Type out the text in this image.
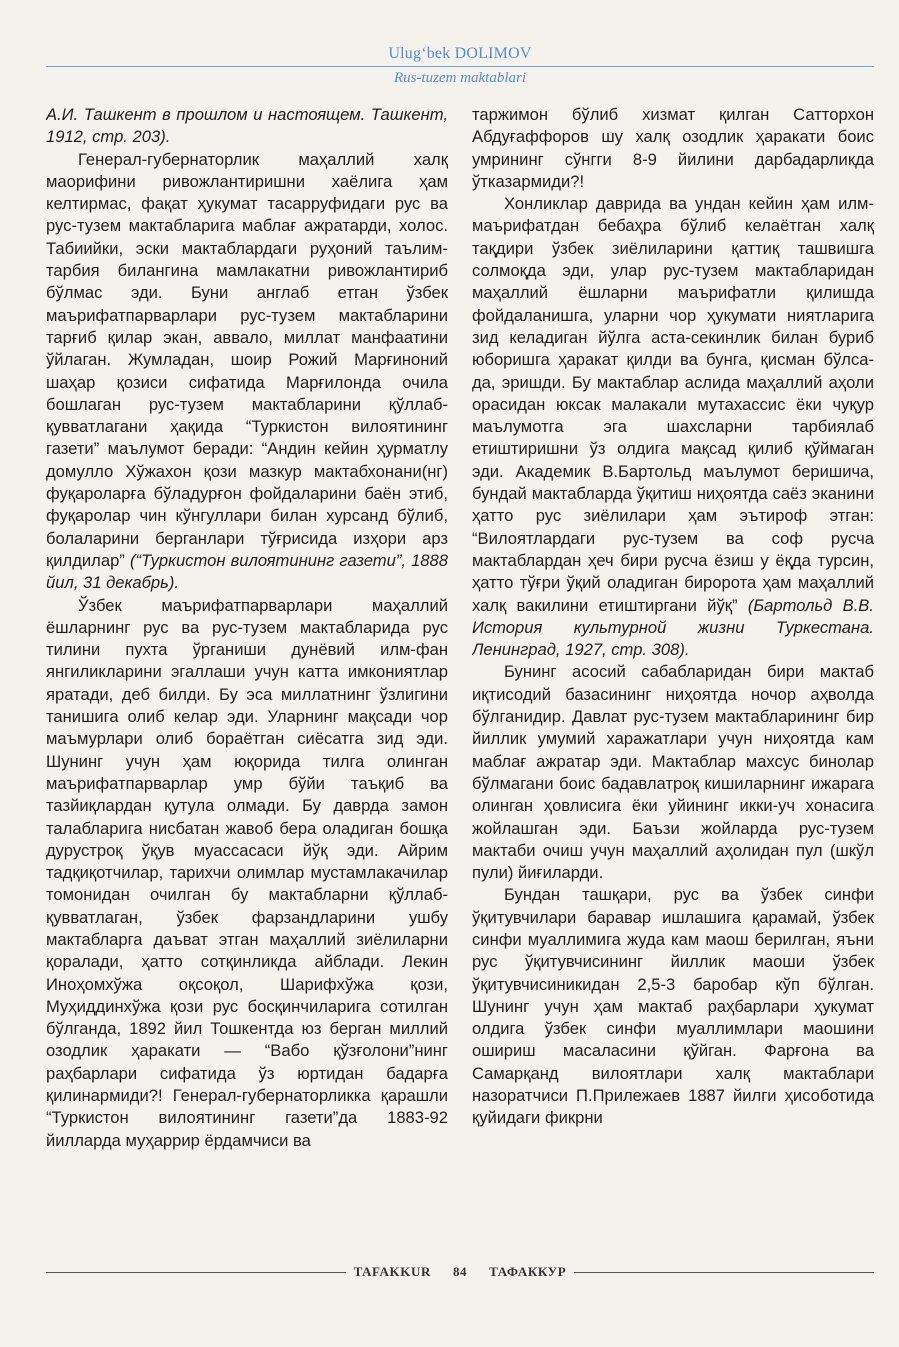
Ulug‘bek DOLIMOV
Rus-tuzem maktablari

А.И. Ташкент в прошлом и настоящем. Ташкент, 1912, стр. 203).

Генерал-губернаторлик маҳаллий халқ маорифини ривожлантиришни хаёлига ҳам келтирмас, фақат ҳукумат тасарруфидаги рус ва рус-тузем мактабларига маблағ ажратарди, холос. Табиийки, эски мактаблардаги руҳоний таълим-тарбия билангина мамлакатни ривожлантириб бўлмас эди. Буни англаб етган ўзбек маърифатпарварлари рус-тузем мактабларини тарғиб қилар экан, аввало, миллат манфаатини ўйлаган. Жумладан, шоир Рожий Марғиноний шаҳар қозиси сифатида Марғилонда очила бошлаган рус-тузем мактабларини қўллаб-қувватлагани ҳақида “Туркистон вилоятининг газети” маълумот беради: “Андин кейин ҳурматлу домулло Хўжахон қози мазкур мактабхонани(нг) фуқароларға бўладурғон фойдаларини баён этиб, фуқаролар чин кўнгуллари билан хурсанд бўлиб, болаларини берганлари тўғрисида изҳори арз қилдилар” (“Туркистон вилоятининг газети”, 1888 йил, 31 декабрь).

Ўзбек маърифатпарварлари маҳаллий ёшларнинг рус ва рус-тузем мактабларида рус тилини пухта ўрганиши дунёвий илм-фан янгиликларини эгаллаши учун катта имкониятлар яратади, деб билди. Бу эса миллатнинг ўзлигини танишига олиб келар эди. Уларнинг мақсади чор маъмурлари олиб бораётган сиёсатга зид эди. Шунинг учун ҳам юқорида тилга олинган маърифатпарварлар умр бўйи таъқиб ва тазйиқлардан қутула олмади. Бу даврда замон талабларига нисбатан жавоб бера оладиган бошқа дурустроқ ўқув муассасаси йўқ эди. Айрим тадқиқотчилар, тарихчи олимлар мустамлакачилар томонидан очилган бу мактабларни қўллаб-қувватлаган, ўзбек фарзандларини ушбу мактабларга даъват этган маҳаллий зиёлиларни қоралади, ҳатто сотқинликда айблади. Лекин Иноҳомхўжа оқсоқол, Шарифхўжа қози, Муҳиддинхўжа қози рус босқинчиларига сотилган бўлганда, 1892 йил Тошкентда юз берган миллий озодлик ҳаракати — “Вабо қўзғолони”нинг раҳбарлари сифатида ўз юртидан бадарға қилинармиди?! Генерал-губернаторликка қарашли “Туркистон вилоятининг газети”да 1883-92 йилларда муҳаррир ёрдамчиси ва

таржимон бўлиб хизмат қилган Сатторхон Абдуғаффоров шу халқ озодлик ҳаракати боис умрининг сўнгги 8-9 йилини дарбадарликда ўтказармиди?!

Хонликлар даврида ва ундан кейин ҳам илм-маърифатдан бебаҳра бўлиб келаётган халқ тақдири ўзбек зиёлиларини қаттиқ ташвишга солмоқда эди, улар рус-тузем мактабларидан маҳаллий ёшларни маърифатли қилишда фойдаланишга, уларни чор ҳукумати ниятларига зид келадиган йўлга аста-секинлик билан буриб юборишга ҳаракат қилди ва бунга, қисман бўлса-да, эришди. Бу мактаблар аслида маҳаллий аҳоли орасидан юксак малакали мутахассис ёки чуқур маълумотга эга шахсларни тарбиялаб етиштиришни ўз олдига мақсад қилиб қўймаган эди. Академик В.Бартольд маълумот беришича, бундай мактабларда ўқитиш ниҳоятда саёз эканини ҳатто рус зиёлилари ҳам эътироф этган: “Вилоятлардаги рус-тузем ва соф русча мактаблардан ҳеч бири русча ёзиш у ёқда турсин, ҳатто тўғри ўқий оладиган биророта ҳам маҳаллий халқ вакилини етиштиргани йўқ” (Бартольд В.В. История культурной жизни Туркестана. Ленинград, 1927, стр. 308).

Бунинг асосий сабабларидан бири мактаб иқтисодий базасининг ниҳоятда ночор аҳволда бўлганидир. Давлат рус-тузем мактабларининг бир йиллик умумий харажатлари учун ниҳоятда кам маблағ ажратар эди. Мактаблар махсус бинолар бўлмагани боис бадавлатроқ кишиларнинг ижарага олинган ҳовлисига ёки уйининг икки-уч хонасига жойлашган эди. Баъзи жойларда рус-тузем мактаби очиш учун маҳаллий аҳолидан пул (шкўл пули) йиғиларди.

Бундан ташқари, рус ва ўзбек синфи ўқитувчилари баравар ишлашига қарамай, ўзбек синфи муаллимига жуда кам маош берилган, яъни рус ўқитувчисининг йиллик маоши ўзбек ўқитувчисиникидан 2,5-3 баробар кўп бўлган. Шунинг учун ҳам мактаб раҳбарлари ҳукумат олдига ўзбек синфи муаллимлари маошини ошириш масаласини қўйган. Фарғона ва Самарқанд вилоятлари халқ мактаблари назоратчиси П.Прилежаев 1887 йилги ҳисоботида қуйидаги фикрни

TAFAKKUR	84	ТАФАККУР
